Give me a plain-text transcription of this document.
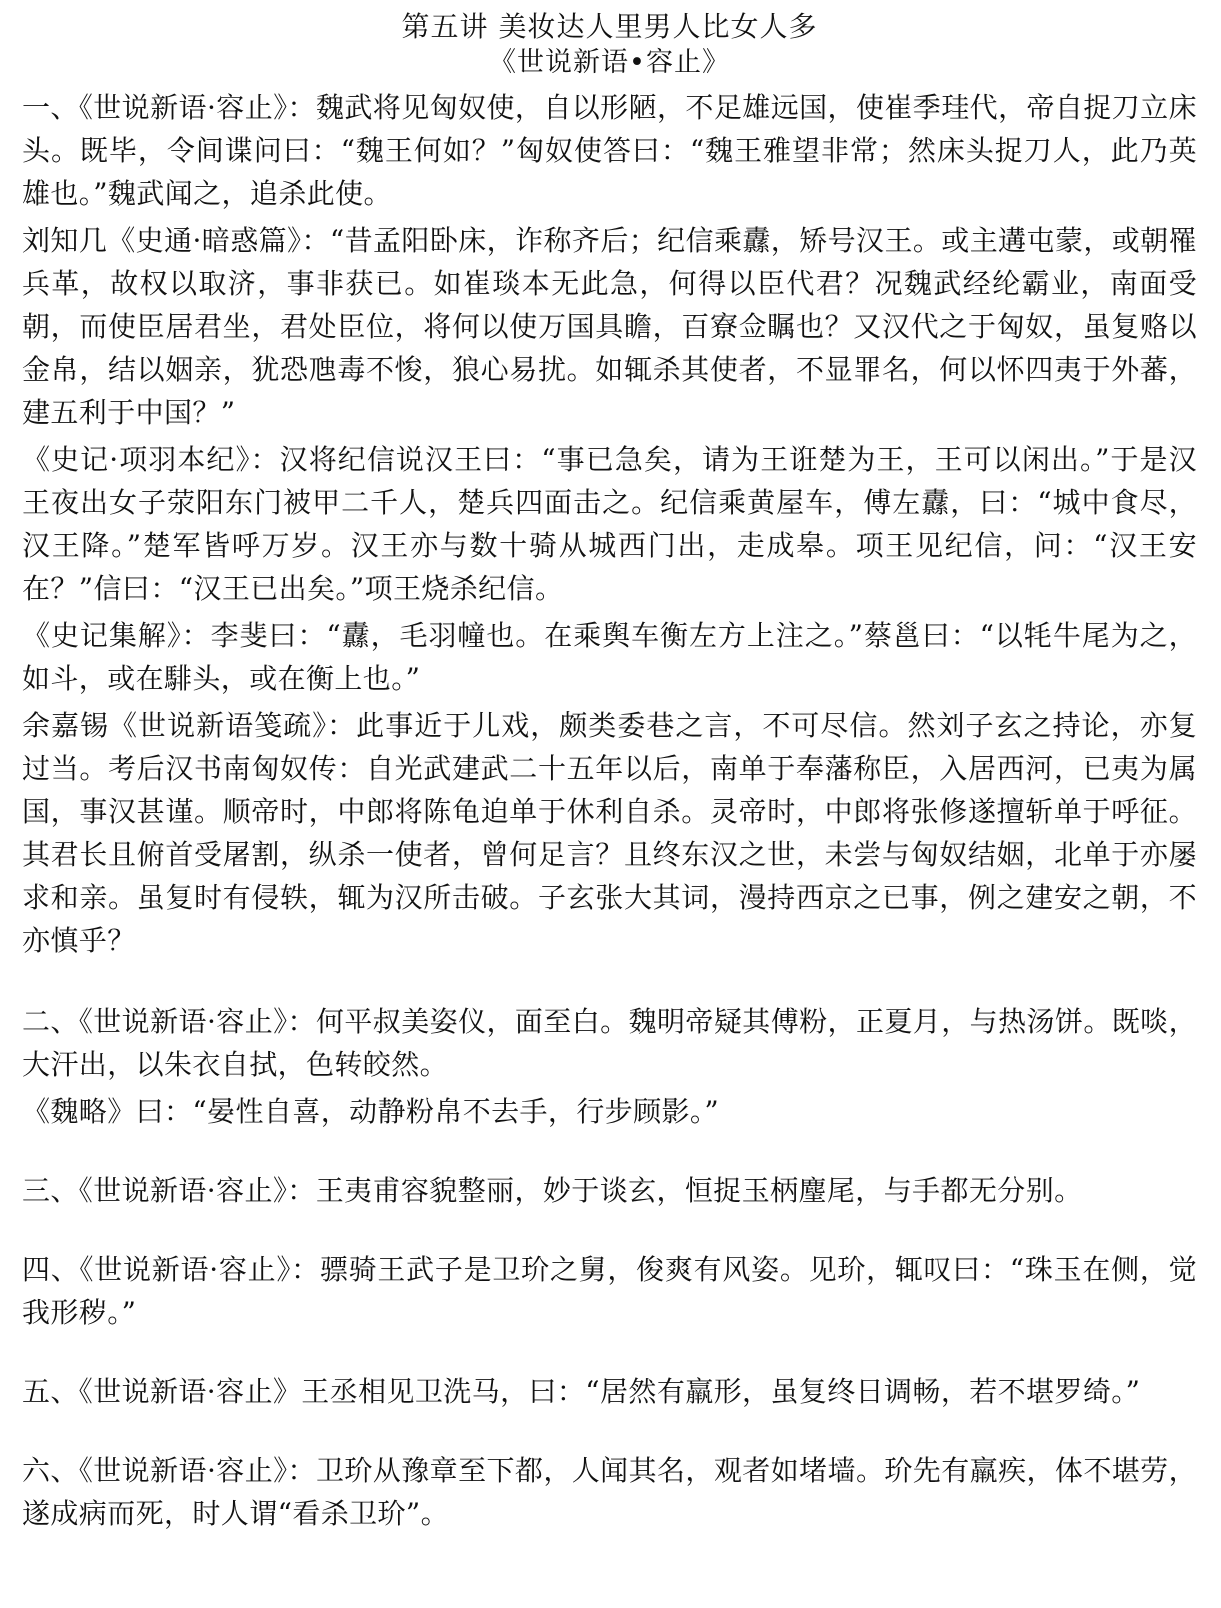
第五讲 美妆达人里男人比女人多
《世说新语•容止》

一、《世说新语·容止》：魏武将见匈奴使，自以形陋，不足雄远国，使崔季珪代，帝自捉刀立床头。既毕，令间谍问曰：“魏王何如？”匈奴使答曰：“魏王雅望非常；然床头捉刀人，此乃英雄也。”魏武闻之，追杀此使。

刘知几《史通·暗惑篇》：“昔孟阳卧床，诈称齐后；纪信乘纛，矫号汉王。或主遘屯蒙，或朝罹兵革，故权以取济，事非获已。如崔琰本无此急，何得以臣代君？况魏武经纶霸业，南面受朝，而使臣居君坐，君处臣位，将何以使万国具瞻，百寮佥瞩也？又汉代之于匈奴，虽复赂以金帛，结以姻亲，犹恐虺毒不悛，狼心易扰。如辄杀其使者，不显罪名，何以怀四夷于外蕃，建五利于中国？”

《史记·项羽本纪》：汉将纪信说汉王曰：“事已急矣，请为王诳楚为王，王可以闲出。”于是汉王夜出女子荥阳东门被甲二千人，楚兵四面击之。纪信乘黄屋车，傅左纛，曰：“城中食尽，汉王降。”楚军皆呼万岁。汉王亦与数十骑从城西门出，走成皋。项王见纪信，问：“汉王安在？”信曰：“汉王已出矣。”项王烧杀纪信。

《史记集解》：李斐曰：“纛，毛羽幢也。在乘舆车衡左方上注之。”蔡邕曰：“以牦牛尾为之，如斗，或在騑头，或在衡上也。”

余嘉锡《世说新语笺疏》：此事近于儿戏，颇类委巷之言，不可尽信。然刘子玄之持论，亦复过当。考后汉书南匈奴传：自光武建武二十五年以后，南单于奉藩称臣，入居西河，已夷为属国，事汉甚谨。顺帝时，中郎将陈龟迫单于休利自杀。灵帝时，中郎将张修遂擅斩单于呼征。其君长且俯首受屠割，纵杀一使者，曾何足言？且终东汉之世，未尝与匈奴结姻，北单于亦屡求和亲。虽复时有侵轶，辄为汉所击破。子玄张大其词，漫持西京之已事，例之建安之朝，不亦慎乎？

二、《世说新语·容止》：何平叔美姿仪，面至白。魏明帝疑其傅粉，正夏月，与热汤饼。既啖，大汗出，以朱衣自拭，色转皎然。

《魏略》曰：“晏性自喜，动静粉帛不去手，行步顾影。”

三、《世说新语·容止》：王夷甫容貌整丽，妙于谈玄，恒捉玉柄麈尾，与手都无分别。

四、《世说新语·容止》：骠骑王武子是卫玠之舅，俊爽有风姿。见玠，辄叹曰：“珠玉在侧，觉我形秽。”

五、《世说新语·容止》王丞相见卫洗马，曰：“居然有羸形，虽复终日调畅，若不堪罗绮。”

六、《世说新语·容止》：卫玠从豫章至下都，人闻其名，观者如堵墙。玠先有羸疾，体不堪劳，遂成病而死，时人谓“看杀卫玠”。
